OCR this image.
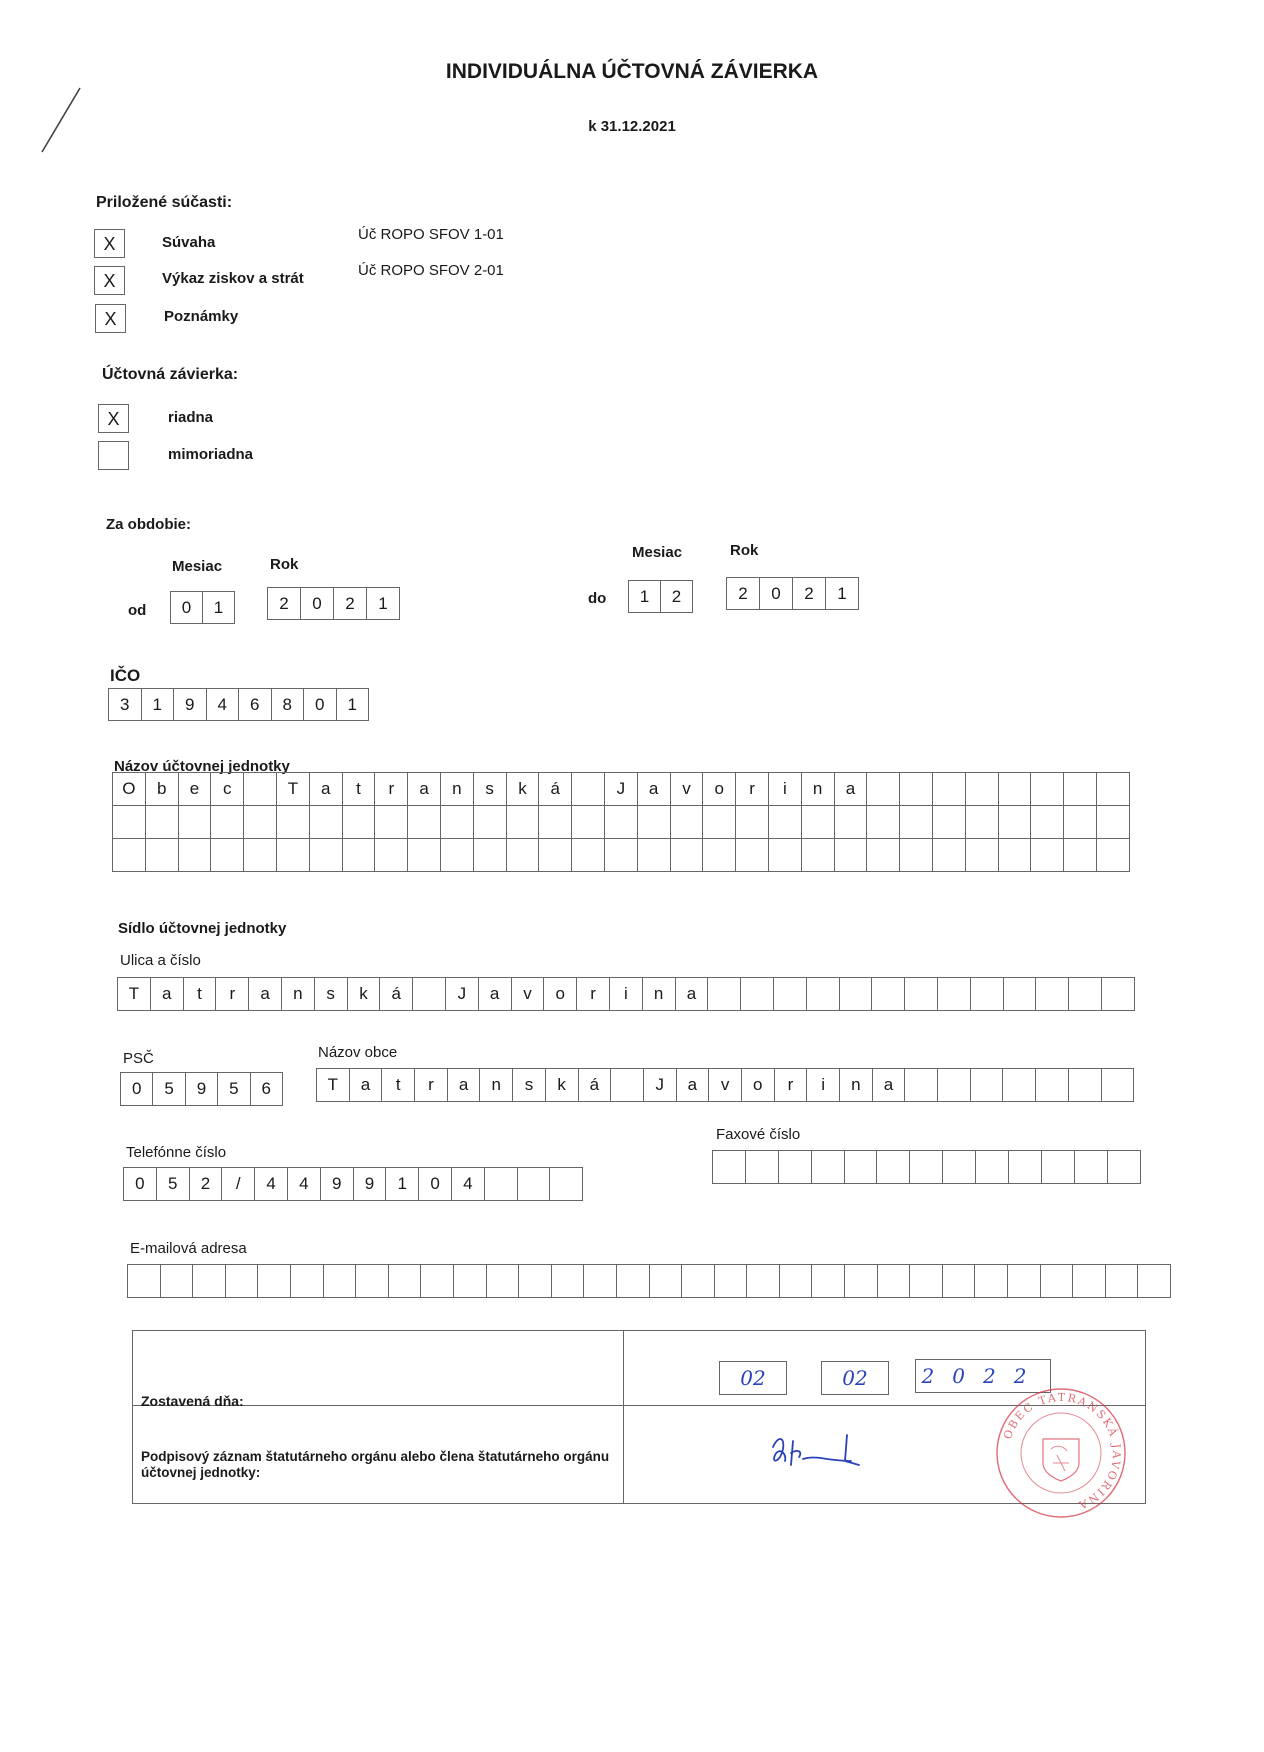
INDIVIDUÁLNA ÚČTOVNÁ ZÁVIERKA
k 31.12.2021
Priložené súčasti:
X	Súvaha	Úč ROPO SFOV 1-01
X	Výkaz ziskov a strát	Úč ROPO SFOV 2-01
X	Poznámky
Účtovná závierka:
X	riadna
mimoriadna
Za obdobie:
Mesiac	Rok
od	0	1	2	0	2	1
Mesiac	Rok
do	1	2	2	0	2	1
IČO
3	1	9	4	6	8	0	1
Názov účtovnej jednotky
O	b	e	c	T	a	t	r	a	n	s	k	á	J	a	v	o	r	i	n	a
Sídlo účtovnej jednotky
Ulica a číslo
T	a	t	r	a	n	s	k	á	J	a	v	o	r	i	n	a
PSČ
0	5	9	5	6
Názov obce
T	a	t	r	a	n	s	k	á	J	a	v	o	r	i	n	a
Telefónne číslo
0	5	2	/	4	4	9	9	1	0	4
Faxové číslo
E-mailová adresa
Zostavená dňa:
02	02	2022
Podpisový záznam štatutárneho orgánu alebo člena štatutárneho orgánu účtovnej jednotky:
OBEC TATRANSKÁ JAVORINA
